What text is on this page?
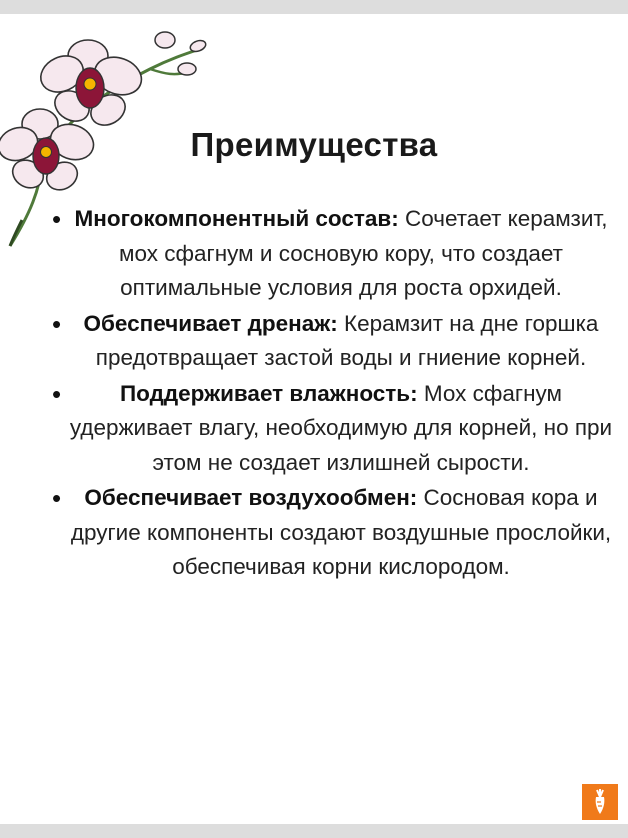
Преимущества
• Многокомпонентный состав: Сочетает керамзит, мох сфагнум и сосновую кору, что создает оптимальные условия для роста орхидей.
• Обеспечивает дренаж: Керамзит на дне горшка предотвращает застой воды и гниение корней.
•	Поддерживает влажность: Мох сфагнум удерживает влагу, необходимую для корней, но при этом не создает излишней сырости.
• Обеспечивает воздухообмен: Сосновая кора и другие компоненты создают воздушные прослойки, обеспечивая корни кислородом.
